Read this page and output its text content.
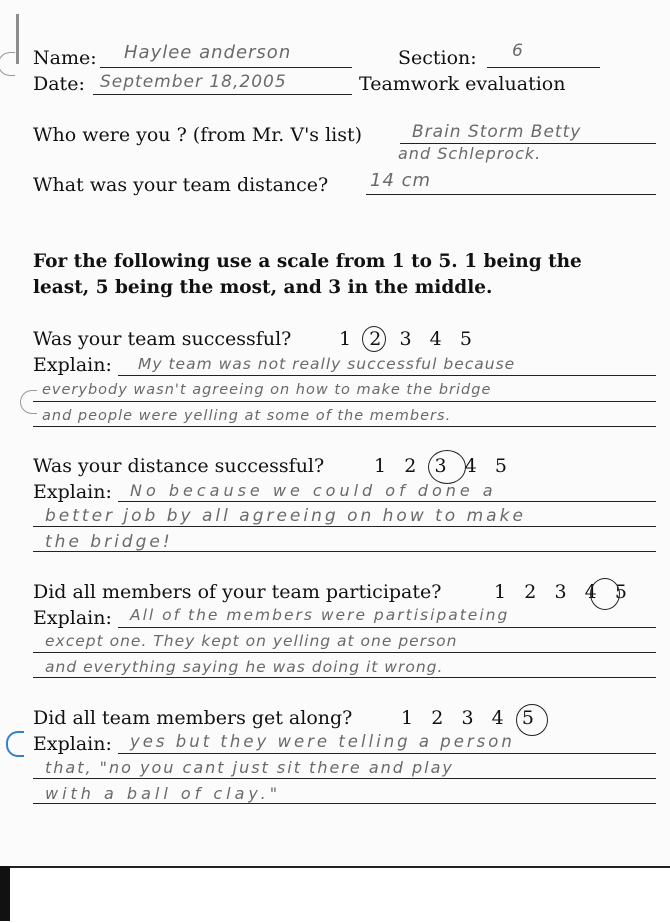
Name: Haylee anderson	Section: 6
Date: September 18,2005	Teamwork evaluation
Who were you ? (from Mr. V's list)	Brain Storm Betty
and Schleprock.
What was your team distance? 14 cm
For the following use a scale from 1 to 5. 1 being the
least, 5 being the most, and 3 in the middle.
Was your team successful?	1 2 3 4 5
Explain: My team was not really successful because
everybody wasn't agreeing on how to make the bridge
and people were yelling at some of the members.
Was your distance successful?	1 2 3 4 5
Explain: No because we could of done a
better job by all agreeing on how to make
the bridge!
Did all members of your team participate?	1 2 3 4 5
Explain: All of the members were partisipateing
except one. They kept on yelling at one person
and everything saying he was doing it wrong.
Did all team members get along?	1 2 3 4 5
Explain: yes but they were telling a person
that, "no you cant just sit there and play
with a ball of clay."
